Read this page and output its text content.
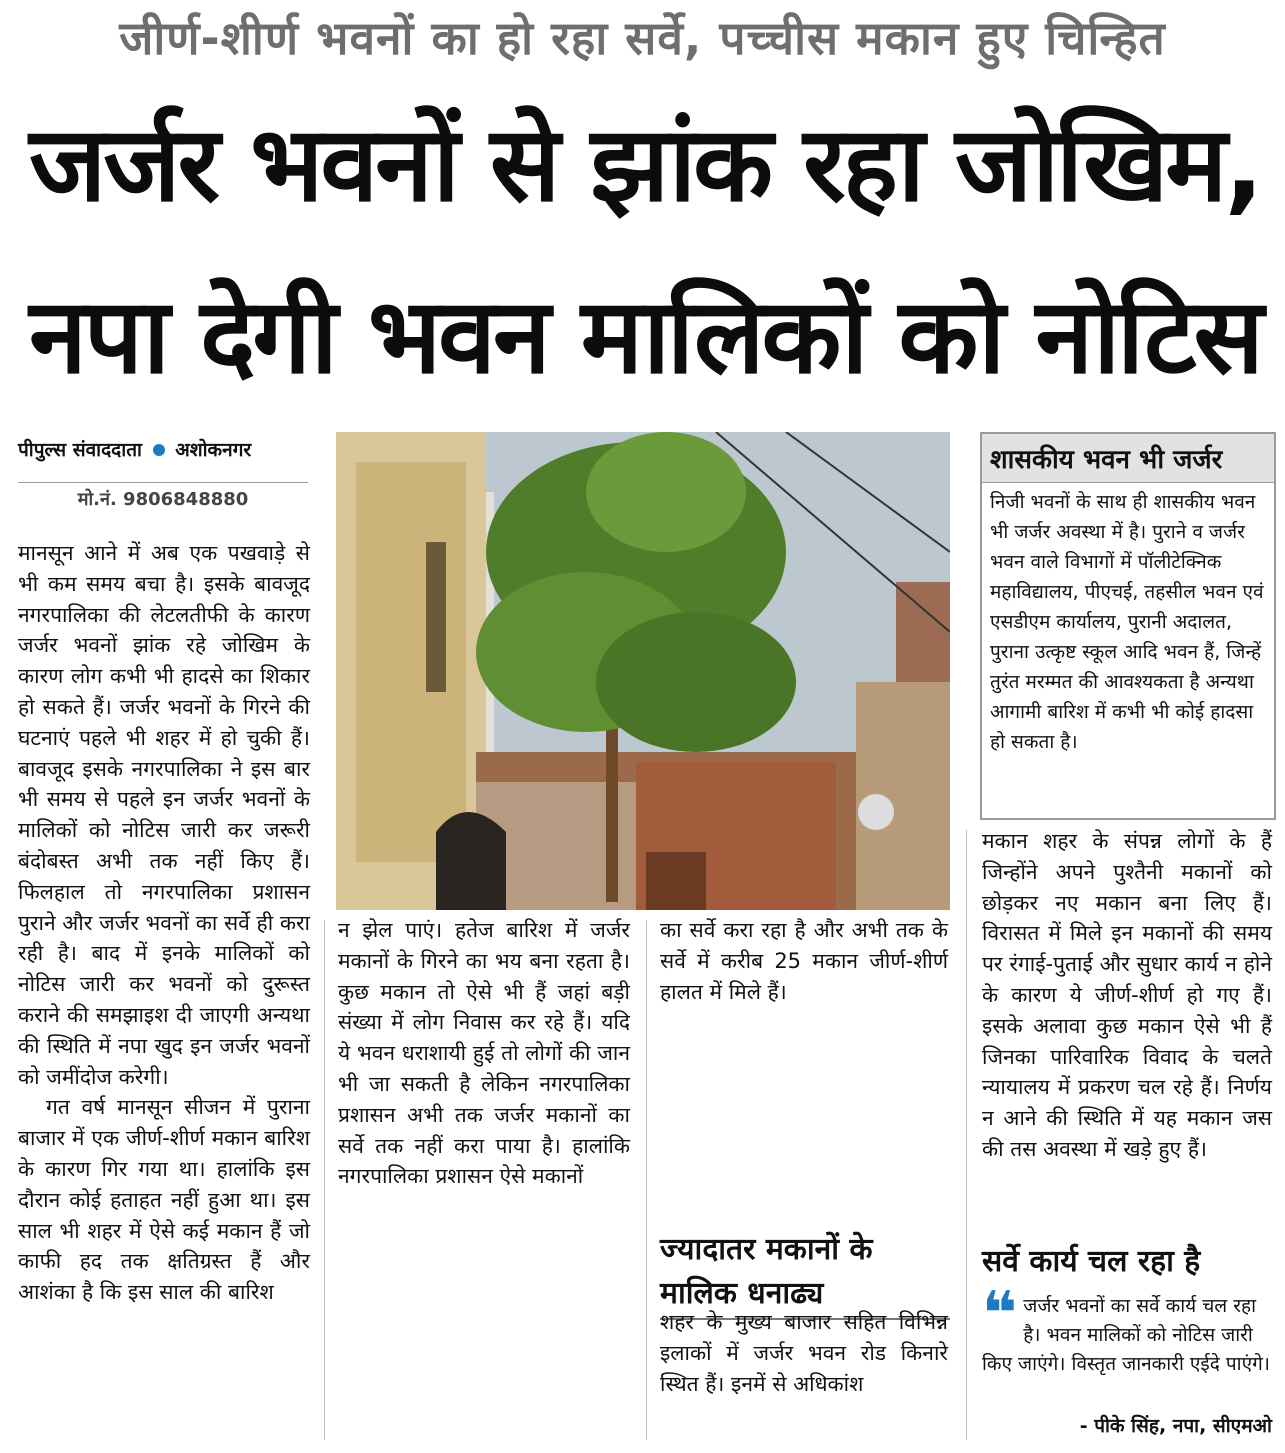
जीर्ण-शीर्ण भवनों का हो रहा सर्वे, पच्चीस मकान हुए चिन्हित
जर्जर भवनों से झांक रहा जोखिम,
नपा देगी भवन मालिकों को नोटिस
पीपुल्स संवाददाता अशोकनगर
मो.नं. 9806848880

मानसून आने में अब एक पखवाड़े से भी कम समय बचा है। इसके बावजूद नगरपालिका की लेटलतीफी के कारण जर्जर भवनों झांक रहे जोखिम के कारण लोग कभी भी हादसे का शिकार हो सकते हैं। जर्जर भवनों के गिरने की घटनाएं पहले भी शहर में हो चुकी हैं। बावजूद इसके नगरपालिका ने इस बार भी समय से पहले इन जर्जर भवनों के मालिकों को नोटिस जारी कर जरूरी बंदोबस्त अभी तक नहीं किए हैं। फिलहाल तो नगरपालिका प्रशासन पुराने और जर्जर भवनों का सर्वे ही करा रही है। बाद में इनके मालिकों को नोटिस जारी कर भवनों को दुरूस्त कराने की समझाइश दी जाएगी अन्यथा की स्थिति में नपा खुद इन जर्जर भवनों को जमींदोज करेगी।

गत वर्ष मानसून सीजन में पुराना बाजार में एक जीर्ण-शीर्ण मकान बारिश के कारण गिर गया था। हालांकि इस दौरान कोई हताहत नहीं हुआ था। इस साल भी शहर में ऐसे कई मकान हैं जो काफी हद तक क्षतिग्रस्त हैं और आशंका है कि इस साल की बारिश

शासकीय भवन भी जर्जर
निजी भवनों के साथ ही शासकीय भवन भी जर्जर अवस्था में है। पुराने व जर्जर भवन वाले विभागों में पॉलीटेक्निक महाविद्यालय, पीएचई, तहसील भवन एवं एसडीएम कार्यालय, पुरानी अदालत, पुराना उत्कृष्ट स्कूल आदि भवन हैं, जिन्हें तुरंत मरम्मत की आवश्यकता है अन्यथा आगामी बारिश में कभी भी कोई हादसा हो सकता है।

न झेल पाएं। हतेज बारिश में जर्जर मकानों के गिरने का भय बना रहता है। कुछ मकान तो ऐसे भी हैं जहां बड़ी संख्या में लोग निवास कर रहे हैं। यदि ये भवन धराशायी हुई तो लोगों की जान भी जा सकती है लेकिन नगरपालिका प्रशासन अभी तक जर्जर मकानों का सर्वे तक नहीं करा पाया है। हालांकि नगरपालिका प्रशासन ऐसे मकानों

का सर्वे करा रहा है और अभी तक के सर्वे में करीब 25 मकान जीर्ण-शीर्ण हालत में मिले हैं।

ज्यादातर मकानों के मालिक धनाढ्य

शहर के मुख्य बाजार सहित विभिन्न इलाकों में जर्जर भवन रोड किनारे स्थित हैं। इनमें से अधिकांश

मकान शहर के संपन्न लोगों के हैं जिन्होंने अपने पुश्तैनी मकानों को छोड़कर नए मकान बना लिए हैं। विरासत में मिले इन मकानों की समय पर रंगाई-पुताई और सुधार कार्य न होने के कारण ये जीर्ण-शीर्ण हो गए हैं। इसके अलावा कुछ मकान ऐसे भी हैं जिनका पारिवारिक विवाद के चलते न्यायालय में प्रकरण चल रहे हैं। निर्णय न आने की स्थिति में यह मकान जस की तस अवस्था में खड़े हुए हैं।

सर्वे कार्य चल रहा है
❝ जर्जर भवनों का सर्वे कार्य चल रहा है। भवन मालिकों को नोटिस जारी किए जाएंगे। विस्तृत जानकारी एईदे पाएंगे।
- पीके सिंह, नपा, सीएमओ
